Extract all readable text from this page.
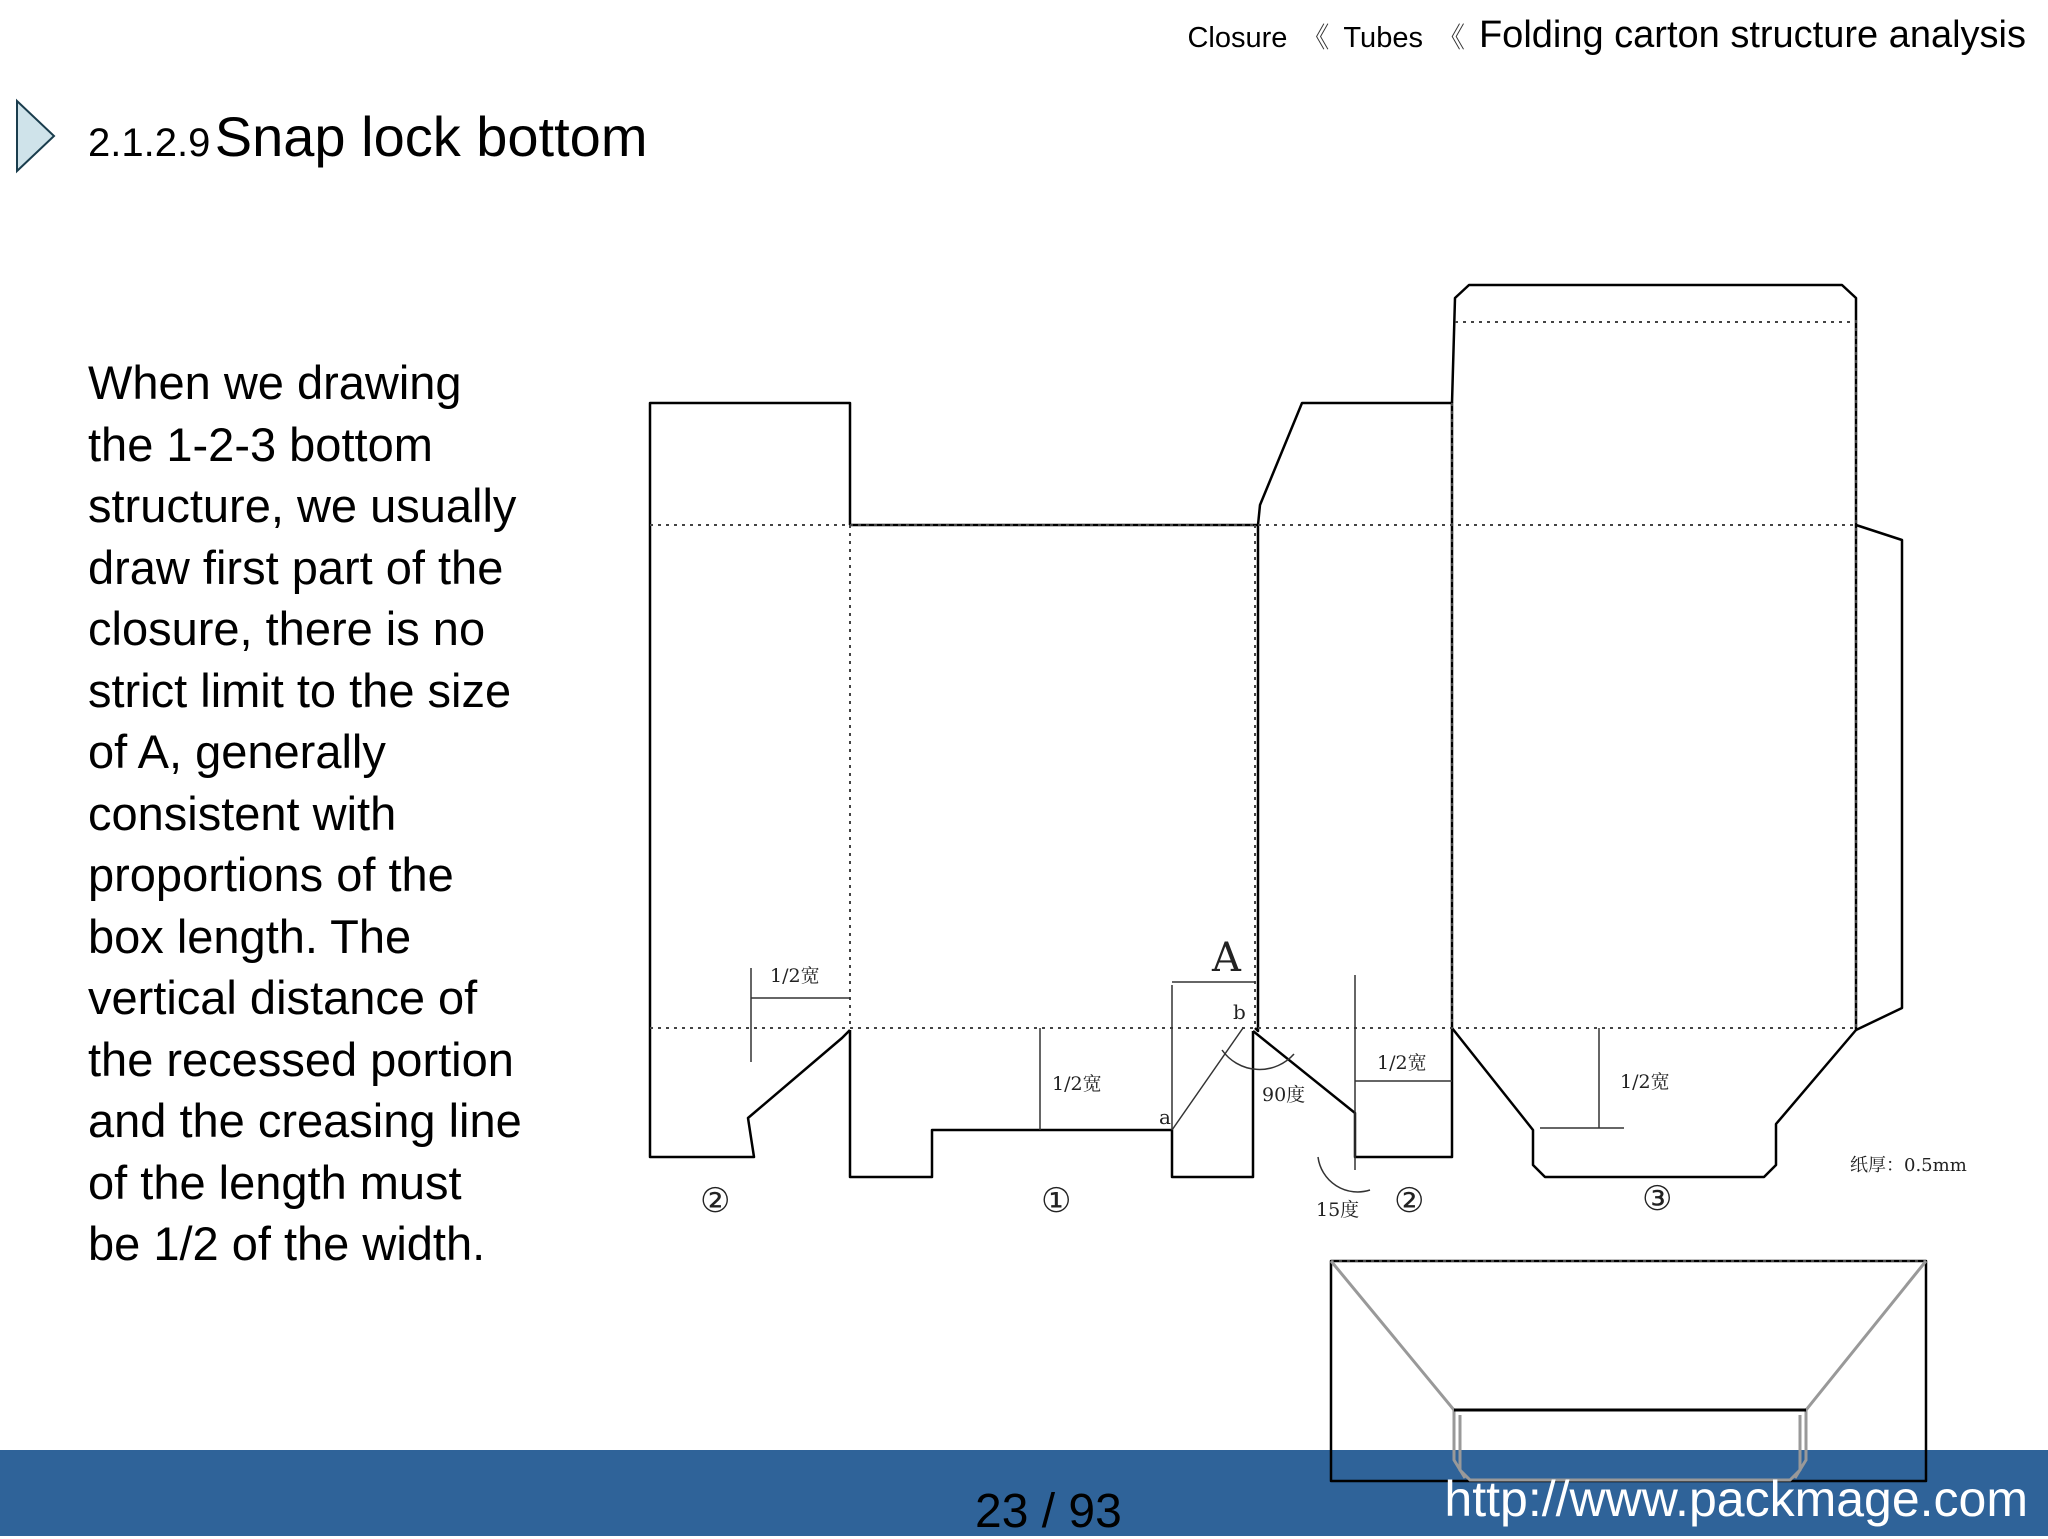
Closure 《 Tubes 《 Folding carton structure analysis
2.1.2.9 Snap lock bottom
When we drawing
the 1-2-3 bottom
structure, we usually
draw first part of the
closure, there is no
strict limit to the size
of A, generally
consistent with
proportions of the
box length. The
vertical distance of
the recessed portion
and the creasing line
of the length must
be 1/2 of the width.
A
1/2宽
1/2宽
1/2宽
1/2宽
a
b
90度
15度
②	①	②	③
纸厚：0.5mm
23 / 93	http://www.packmage.com
